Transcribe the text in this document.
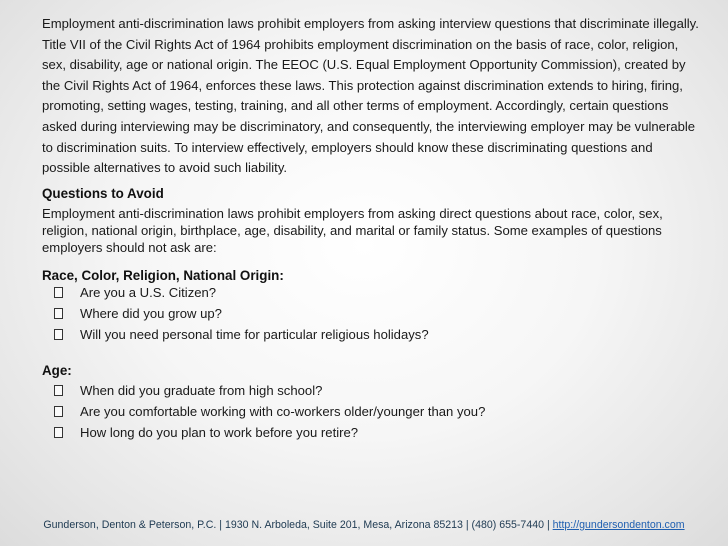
Employment anti-discrimination laws prohibit employers from asking interview questions that discriminate illegally. Title VII of the Civil Rights Act of 1964 prohibits employment discrimination on the basis of race, color, religion, sex, disability, age or national origin. The EEOC (U.S. Equal Employment Opportunity Commission), created by the Civil Rights Act of 1964, enforces these laws. This protection against discrimination extends to hiring, firing, promoting, setting wages, testing, training, and all other terms of employment. Accordingly, certain questions asked during interviewing may be discriminatory, and consequently, the interviewing employer may be vulnerable to discrimination suits. To interview effectively, employers should know these discriminating questions and possible alternatives to avoid such liability.

Questions to Avoid

Employment anti-discrimination laws prohibit employers from asking direct questions about race, color, sex, religion, national origin, birthplace, age, disability, and marital or family status. Some examples of questions employers should not ask are:

Race, Color, Religion, National Origin:

Are you a U.S. Citizen?
Where did you grow up?
Will you need personal time for particular religious holidays?

Age:

When did you graduate from high school?
Are you comfortable working with co-workers older/younger than you?
How long do you plan to work before you retire?
Gunderson, Denton & Peterson, P.C. | 1930 N. Arboleda, Suite 201, Mesa, Arizona 85213 | (480) 655-7440 | http://gundersondenton.com
